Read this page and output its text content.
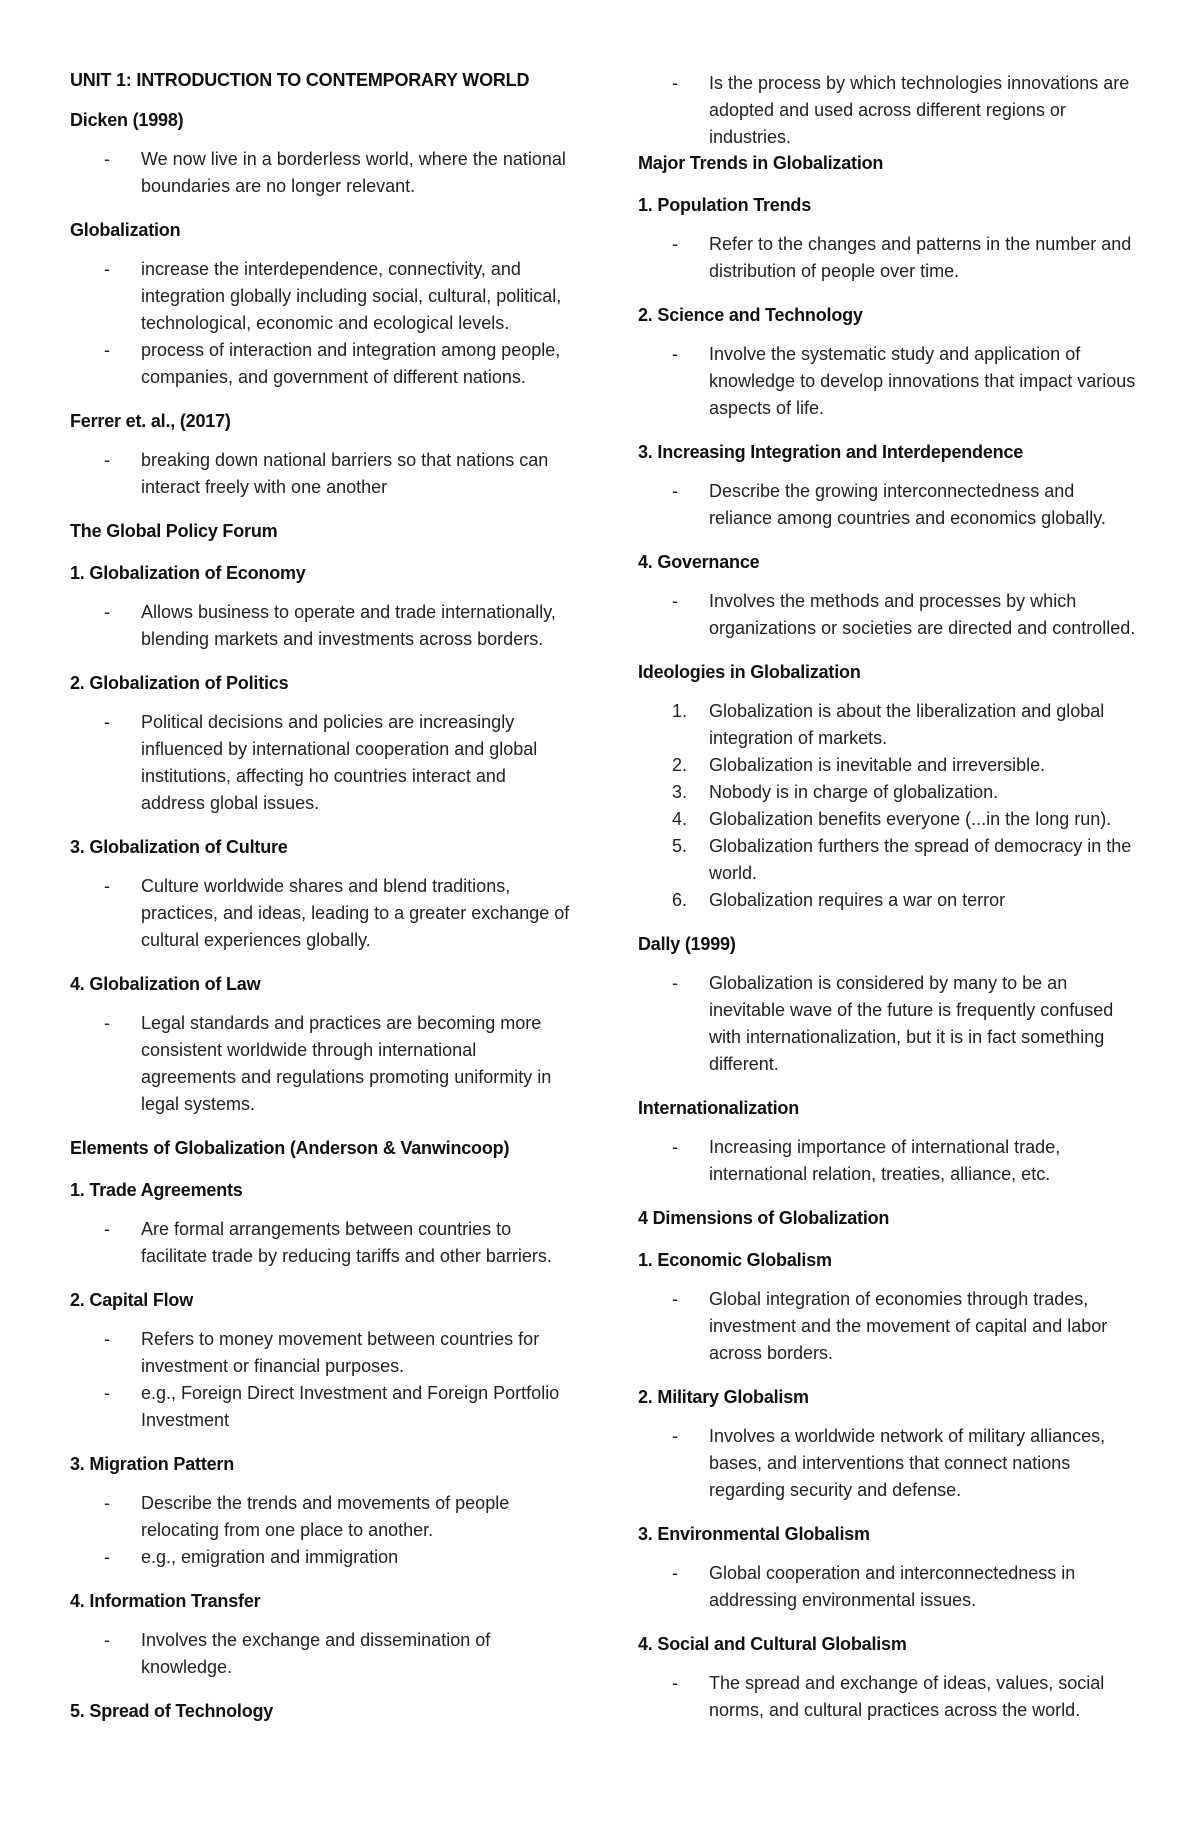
UNIT 1: INTRODUCTION TO CONTEMPORARY WORLD
Dicken (1998)
- We now live in a borderless world, where the national boundaries are no longer relevant.
Globalization
- increase the interdependence, connectivity, and integration globally including social, cultural, political, technological, economic and ecological levels.
- process of interaction and integration among people, companies, and government of different nations.
Ferrer et. al., (2017)
- breaking down national barriers so that nations can interact freely with one another
The Global Policy Forum
1. Globalization of Economy
- Allows business to operate and trade internationally, blending markets and investments across borders.
2. Globalization of Politics
- Political decisions and policies are increasingly influenced by international cooperation and global institutions, affecting ho countries interact and address global issues.
3. Globalization of Culture
- Culture worldwide shares and blend traditions, practices, and ideas, leading to a greater exchange of cultural experiences globally.
4. Globalization of Law
- Legal standards and practices are becoming more consistent worldwide through international agreements and regulations promoting uniformity in legal systems.
Elements of Globalization (Anderson & Vanwincoop)
1. Trade Agreements
- Are formal arrangements between countries to facilitate trade by reducing tariffs and other barriers.
2. Capital Flow
- Refers to money movement between countries for investment or financial purposes.
- e.g., Foreign Direct Investment and Foreign Portfolio Investment
3. Migration Pattern
- Describe the trends and movements of people relocating from one place to another.
- e.g., emigration and immigration
4. Information Transfer
- Involves the exchange and dissemination of knowledge.
5. Spread of Technology
- Is the process by which technologies innovations are adopted and used across different regions or industries.
Major Trends in Globalization
1. Population Trends
- Refer to the changes and patterns in the number and distribution of people over time.
2. Science and Technology
- Involve the systematic study and application of knowledge to develop innovations that impact various aspects of life.
3. Increasing Integration and Interdependence
- Describe the growing interconnectedness and reliance among countries and economics globally.
4. Governance
- Involves the methods and processes by which organizations or societies are directed and controlled.
Ideologies in Globalization
1. Globalization is about the liberalization and global integration of markets.
2. Globalization is inevitable and irreversible.
3. Nobody is in charge of globalization.
4. Globalization benefits everyone (...in the long run).
5. Globalization furthers the spread of democracy in the world.
6. Globalization requires a war on terror
Dally (1999)
- Globalization is considered by many to be an inevitable wave of the future is frequently confused with internationalization, but it is in fact something different.
Internationalization
- Increasing importance of international trade, international relation, treaties, alliance, etc.
4 Dimensions of Globalization
1. Economic Globalism
- Global integration of economies through trades, investment and the movement of capital and labor across borders.
2. Military Globalism
- Involves a worldwide network of military alliances, bases, and interventions that connect nations regarding security and defense.
3. Environmental Globalism
- Global cooperation and interconnectedness in addressing environmental issues.
4. Social and Cultural Globalism
- The spread and exchange of ideas, values, social norms, and cultural practices across the world.
